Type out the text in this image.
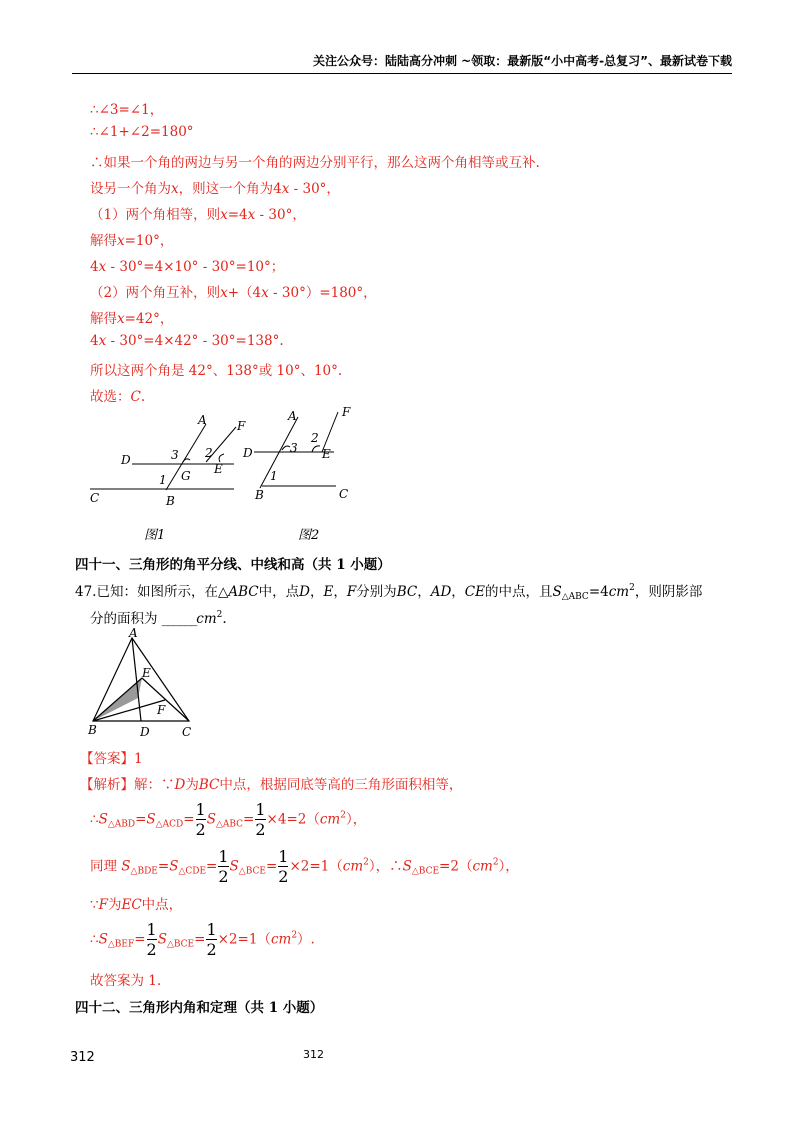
关注公众号：陆陆高分冲刺 ~领取：最新版“小中高考-总复习”、最新试卷下载
∴∠3=∠1，
∴∠1+∠2=180°
∴如果一个角的两边与另一个角的两边分别平行，那么这两个角相等或互补.
设另一个角为x，则这一个角为4x - 30°，
（1）两个角相等，则x=4x - 30°，
解得x=10°，
4x - 30°=4×10° - 30°=10°；
（2）两个角互补，则x+（4x - 30°）=180°，
解得x=42°，
4x - 30°=4×42° - 30°=138°.
所以这两个角是 42°、138°或 10°、10°.
故选：C.
A	F
D	3 2
E
G
1
C	B
图1
A	F
D	3
2
E
1
B	C
图2
四十一、三角形的角平分线、中线和高（共 1 小题）
47.已知：如图所示，在△ABC中，点D，E，F分别为BC，AD，CE的中点，且$S_{\triangle ABC}=4cm^2$，则阴影部
分的面积为 $\_\_\_\_\_\_cm^2$.
A
E
F
B	D	C
【答案】1
【解析】解：∵D为BC中点，根据同底等高的三角形面积相等，
$\therefore S_{\triangle ABD}=S_{\triangle ACD}= \frac{1}{2} S_{\triangle ABC}= \frac{1}{2} \times 4=2(cm^2)$，
同理 $S_{\triangle BDE}=S_{\triangle CDE}= \frac{1}{2} S_{\triangle BCE}= \frac{1}{2} \times 2=1(cm^2)$，$\therefore S_{\triangle BCE}=2(cm^2)$，
∵F为EC中点，
$\therefore S_{\triangle BEF}= \frac{1}{2} S_{\triangle BCE}= \frac{1}{2} \times 2=1(cm^2)$.
故答案为 1.
四十二、三角形内角和定理（共 1 小题）
312	312
